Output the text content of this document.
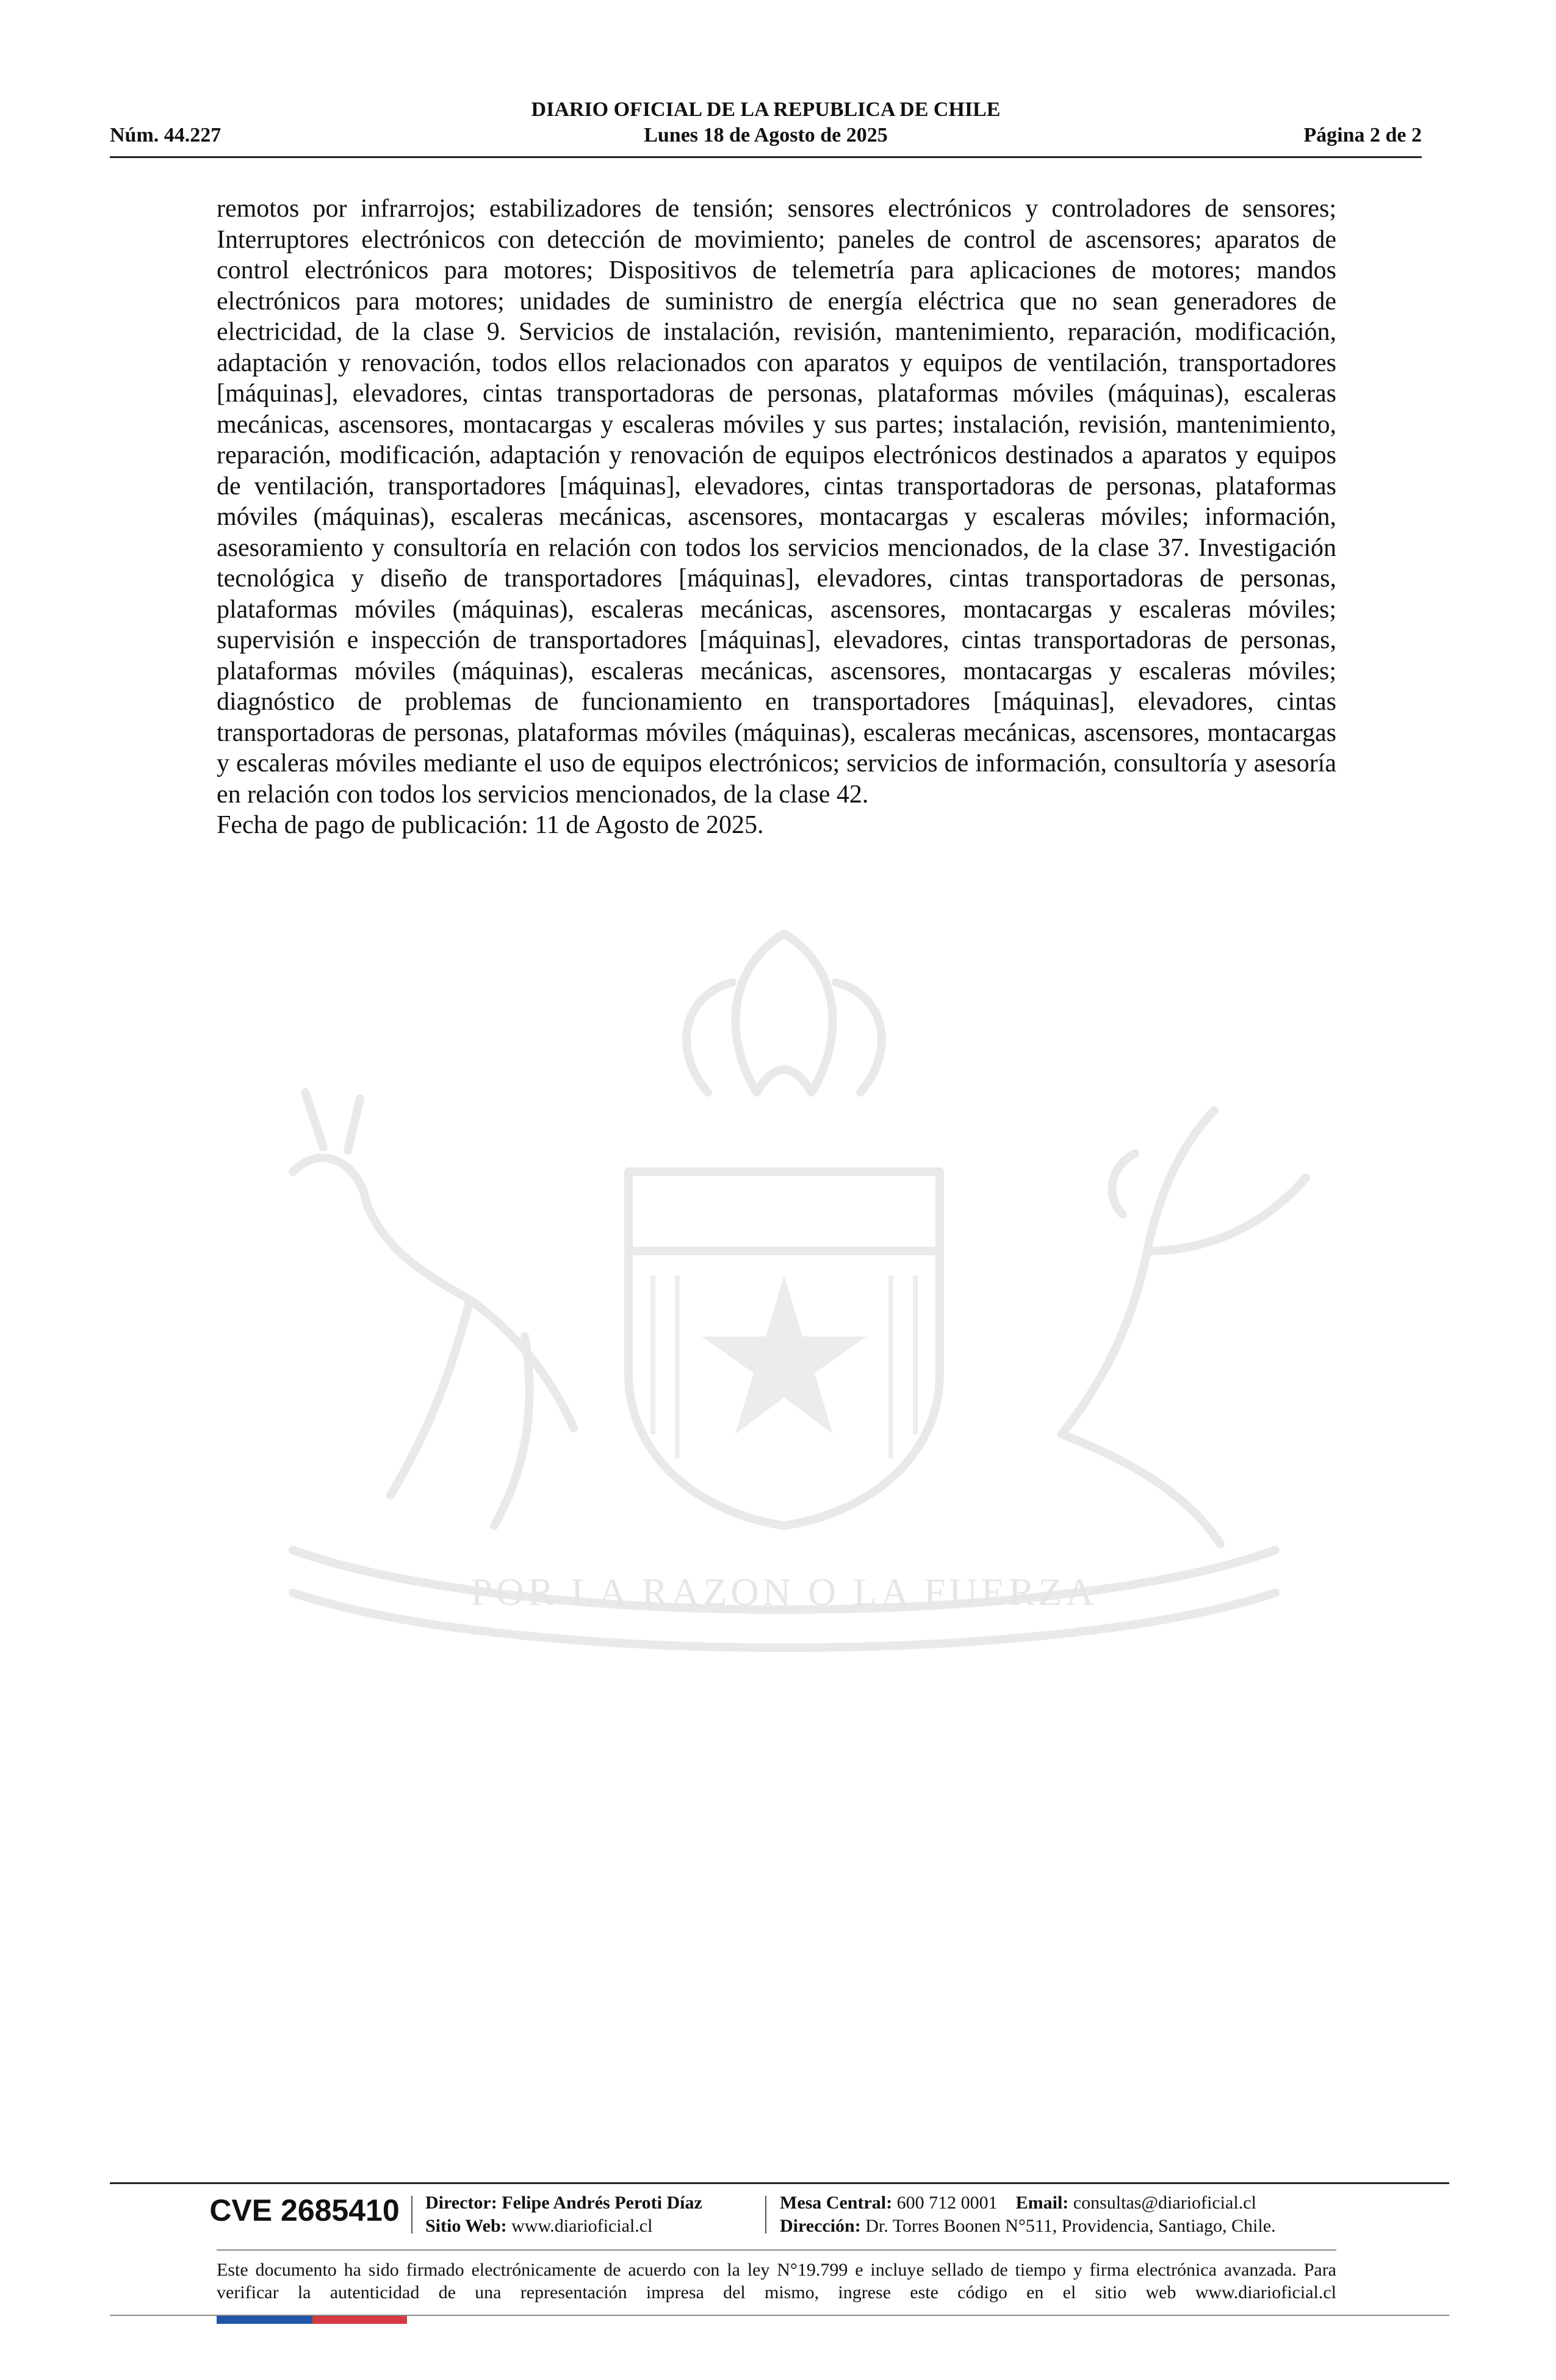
DIARIO OFICIAL DE LA REPUBLICA DE CHILE
Núm. 44.227	Lunes 18 de Agosto de 2025	Página 2 de 2
POR LA RAZON O LA FUERZA

remotos por infrarrojos; estabilizadores de tensión; sensores electrónicos y controladores de sensores; Interruptores electrónicos con detección de movimiento; paneles de control de ascensores; aparatos de control electrónicos para motores; Dispositivos de telemetría para aplicaciones de motores; mandos electrónicos para motores; unidades de suministro de energía eléctrica que no sean generadores de electricidad, de la clase 9. Servicios de instalación, revisión, mantenimiento, reparación, modificación, adaptación y renovación, todos ellos relacionados con aparatos y equipos de ventilación, transportadores [máquinas], elevadores, cintas transportadoras de personas, plataformas móviles (máquinas), escaleras mecánicas, ascensores, montacargas y escaleras móviles y sus partes; instalación, revisión, mantenimiento, reparación, modificación, adaptación y renovación de equipos electrónicos destinados a aparatos y equipos de ventilación, transportadores [máquinas], elevadores, cintas transportadoras de personas, plataformas móviles (máquinas), escaleras mecánicas, ascensores, montacargas y escaleras móviles; información, asesoramiento y consultoría en relación con todos los servicios mencionados, de la clase 37. Investigación tecnológica y diseño de transportadores [máquinas], elevadores, cintas transportadoras de personas, plataformas móviles (máquinas), escaleras mecánicas, ascensores, montacargas y escaleras móviles; supervisión e inspección de transportadores [máquinas], elevadores, cintas transportadoras de personas, plataformas móviles (máquinas), escaleras mecánicas, ascensores, montacargas y escaleras móviles; diagnóstico de problemas de funcionamiento en transportadores [máquinas], elevadores, cintas transportadoras de personas, plataformas móviles (máquinas), escaleras mecánicas, ascensores, montacargas y escaleras móviles mediante el uso de equipos electrónicos; servicios de información, consultoría y asesoría en relación con todos los servicios mencionados, de la clase 42.

Fecha de pago de publicación: 11 de Agosto de 2025.

CVE 2685410 Director: Felipe Andrés Peroti Díaz
Sitio Web: www.diarioficial.cl
Mesa Central: 600 712 0001 Email: consultas@diarioficial.cl
Dirección: Dr. Torres Boonen N°511, Providencia, Santiago, Chile.
Este documento ha sido firmado electrónicamente de acuerdo con la ley N°19.799 e incluye sellado de tiempo y firma electrónica avanzada. Para verificar la autenticidad de una representación impresa del mismo, ingrese este código en el sitio web www.diarioficial.cl
